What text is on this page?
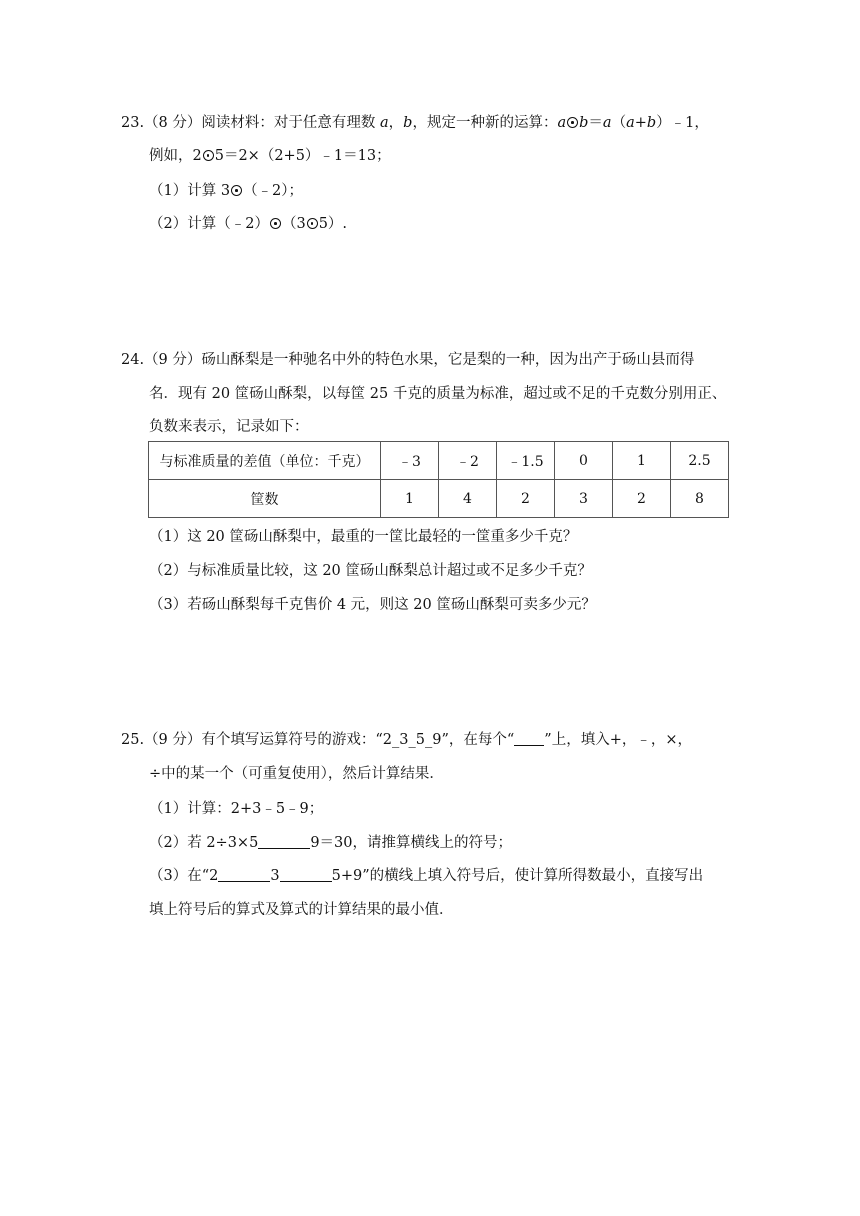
23.（8 分）阅读材料：对于任意有理数 a，b，规定一种新的运算：a b＝a（a+b）﹣1，
例如，2 5＝2×（2+5）﹣1＝13；
（1）计算 3 （﹣2）；
（2）计算（﹣2） （3 5）.
24.（9 分）砀山酥梨是一种驰名中外的特色水果，它是梨的一种，因为出产于砀山县而得
名．现有 20 筐砀山酥梨，以每筐 25 千克的质量为标准，超过或不足的千克数分别用正、
负数来表示，记录如下：
与标准质量的差值（单位：千克）	﹣3	﹣2	﹣1.5	0	1	2.5
筐数	1	4	2	3	2	8
（1）这 20 筐砀山酥梨中，最重的一筐比最轻的一筐重多少千克？
（2）与标准质量比较，这 20 筐砀山酥梨总计超过或不足多少千克？
（3）若砀山酥梨每千克售价 4 元，则这 20 筐砀山酥梨可卖多少元？
25.（9 分）有个填写运算符号的游戏：“2_3_5_9”，在每个“ ”上，填入+，﹣，×，
÷中的某一个（可重复使用），然后计算结果．
（1）计算：2+3﹣5﹣9；
（2）若 2÷3×5	9＝30，请推算横线上的符号；
（3）在“2	3	5+9”的横线上填入符号后，使计算所得数最小，直接写出
填上符号后的算式及算式的计算结果的最小值．
